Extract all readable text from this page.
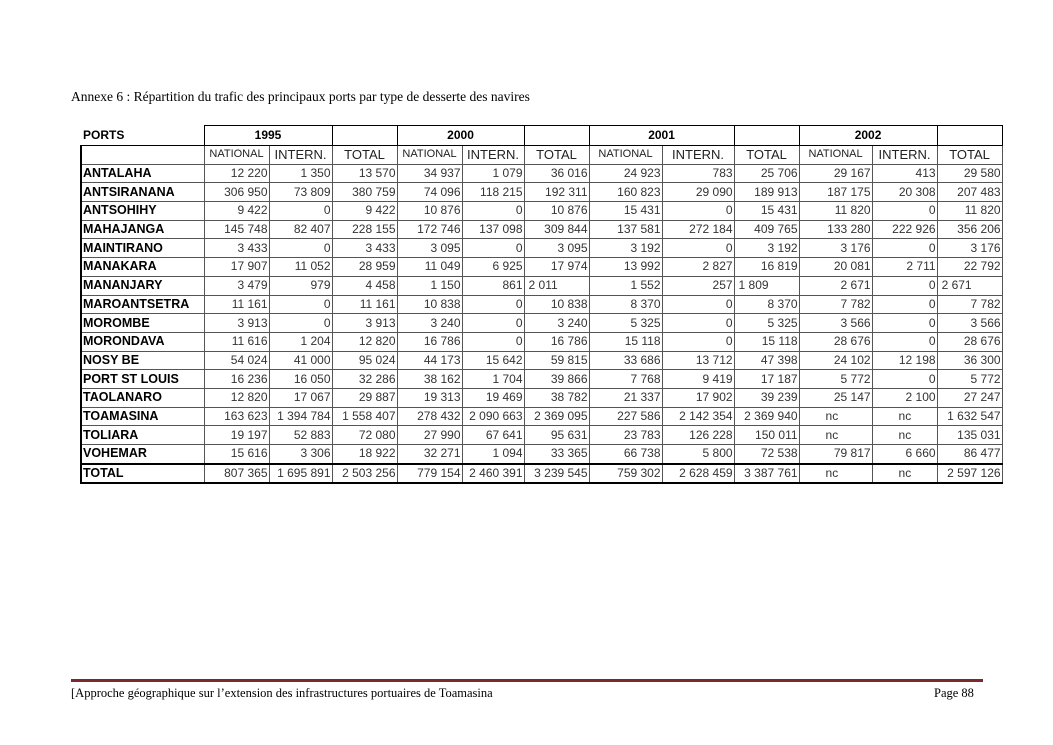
Annexe 6 : Répartition du trafic des principaux ports par type de desserte des navires
PORTS	1995			2000			2001			2002		
	NATIONAL	INTERN.	TOTAL	NATIONAL	INTERN.	TOTAL	NATIONAL	INTERN.	TOTAL	NATIONAL	INTERN.	TOTAL
ANTALAHA	12 220	1 350	13 570	34 937	1 079	36 016	24 923	783	25 706	29 167	413	29 580
ANTSIRANANA	306 950	73 809	380 759	74 096	118 215	192 311	160 823	29 090	189 913	187 175	20 308	207 483
ANTSOHIHY	9 422	0	9 422	10 876	0	10 876	15 431	0	15 431	11 820	0	11 820
MAHAJANGA	145 748	82 407	228 155	172 746	137 098	309 844	137 581	272 184	409 765	133 280	222 926	356 206
MAINTIRANO	3 433	0	3 433	3 095	0	3 095	3 192	0	3 192	3 176	0	3 176
MANAKARA	17 907	11 052	28 959	11 049	6 925	17 974	13 992	2 827	16 819	20 081	2 711	22 792
MANANJARY	3 479	979	4 458	1 150	861	2 011	1 552	257	1 809	2 671	0	2 671
MAROANTSETRA	11 161	0	11 161	10 838	0	10 838	8 370	0	8 370	7 782	0	7 782
MOROMBE	3 913	0	3 913	3 240	0	3 240	5 325	0	5 325	3 566	0	3 566
MORONDAVA	11 616	1 204	12 820	16 786	0	16 786	15 118	0	15 118	28 676	0	28 676
NOSY BE	54 024	41 000	95 024	44 173	15 642	59 815	33 686	13 712	47 398	24 102	12 198	36 300
PORT ST LOUIS	16 236	16 050	32 286	38 162	1 704	39 866	7 768	9 419	17 187	5 772	0	5 772
TAOLANARO	12 820	17 067	29 887	19 313	19 469	38 782	21 337	17 902	39 239	25 147	2 100	27 247
TOAMASINA	163 623	1 394 784	1 558 407	278 432	2 090 663	2 369 095	227 586	2 142 354	2 369 940	nc	nc	1 632 547
TOLIARA	19 197	52 883	72 080	27 990	67 641	95 631	23 783	126 228	150 011	nc	nc	135 031
VOHEMAR	15 616	3 306	18 922	32 271	1 094	33 365	66 738	5 800	72 538	79 817	6 660	86 477
TOTAL	807 365	1 695 891	2 503 256	779 154	2 460 391	3 239 545	759 302	2 628 459	3 387 761	nc	nc	2 597 126
[Approche géographique sur l’extension des infrastructures portuaires de Toamasina	Page 88
